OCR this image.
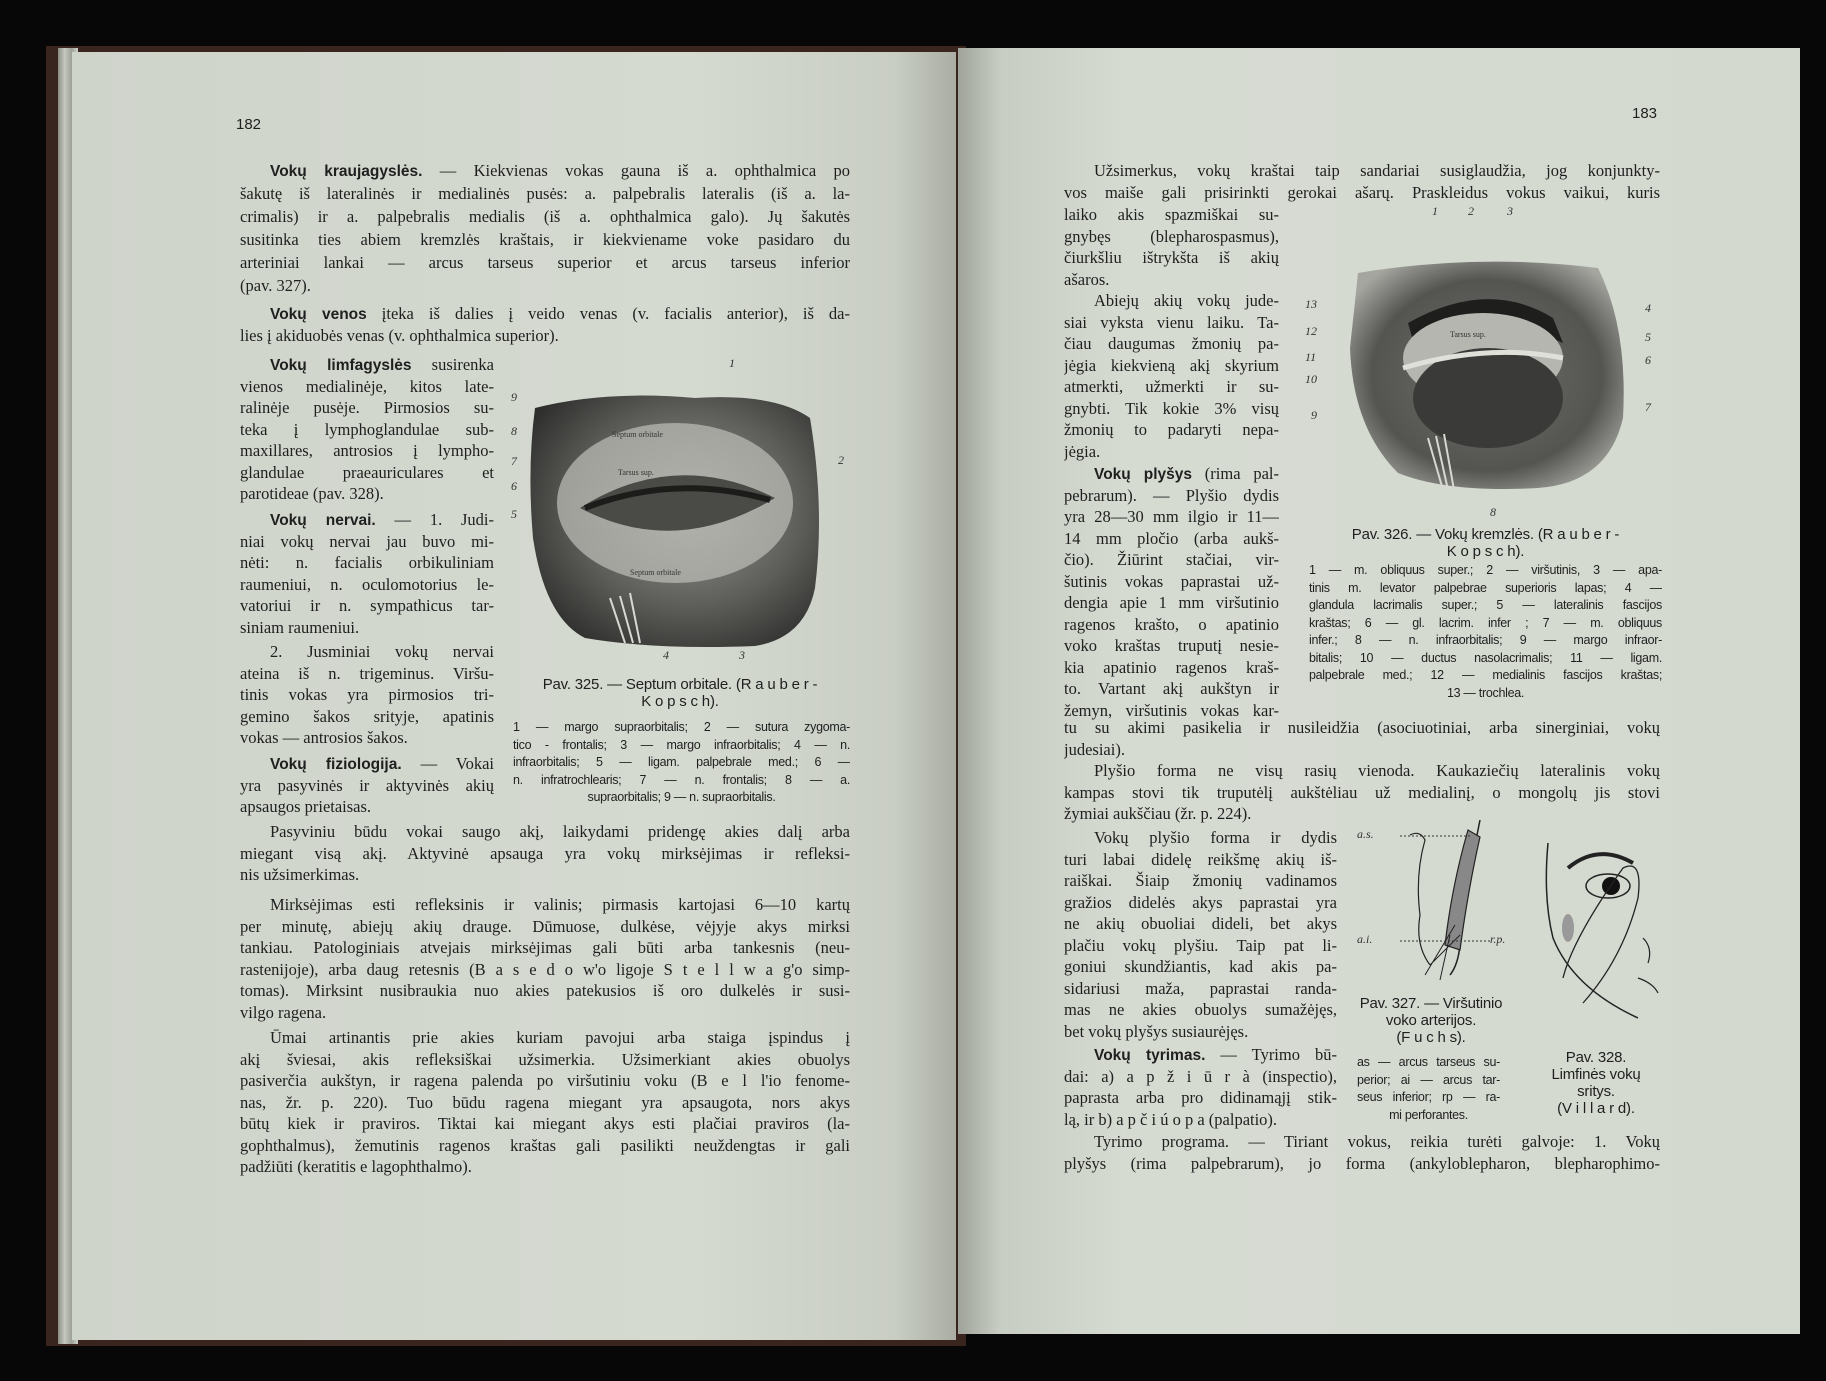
182
Vokų kraujagyslės. — Kiekvienas vokas gauna iš a. ophthalmica po
šakutę iš lateralinės ir medialinės pusės: a. palpebralis lateralis (iš a. la-
crimalis) ir a. palpebralis medialis (iš a. ophthalmica galo). Jų šakutės
susitinka ties abiem kremzlės kraštais, ir kiekviename voke pasidaro du
arteriniai lankai — arcus tarseus superior et arcus tarseus inferior
(pav. 327).
Vokų venos įteka iš dalies į veido venas (v. facialis anterior), iš da-
lies į akiduobės venas (v. ophthalmica superior).
Vokų limfagyslės susirenka
vienos medialinėje, kitos late-
ralinėje pusėje. Pirmosios su-
teka į lymphoglandulae sub-
maxillares, antrosios į lympho-
glandulae praeauriculares et
parotideae (pav. 328).
Vokų nervai. — 1. Judi-
niai vokų nervai jau buvo mi-
nėti: n. facialis orbikuliniam
raumeniui, n. oculomotorius le-
vatoriui ir n. sympathicus tar-
siniam raumeniui.
2. Jusminiai vokų nervai
ateina iš n. trigeminus. Viršu-
tinis vokas yra pirmosios tri-
gemino šakos srityje, apatinis
vokas — antrosios šakos.
Vokų fiziologija. — Vokai
yra pasyvinės ir aktyvinės akių
apsaugos prietaisas.
Pasyviniu būdu vokai saugo akį, laikydami pridengę akies dalį arba
miegant visą akį. Aktyvinė apsauga yra vokų mirksėjimas ir refleksi-
nis užsimerkimas.
Mirksėjimas esti refleksinis ir valinis; pirmasis kartojasi 6—10 kartų
per minutę, abiejų akių drauge. Dūmuose, dulkėse, vėjyje akys mirksi
tankiau. Patologiniais atvejais mirksėjimas gali būti arba tankesnis (neu-
rastenijoje), arba daug retesnis (B a s e d o w'o ligoje S t e l l w a g'o simp-
tomas). Mirksint nusibraukia nuo akies patekusios iš oro dulkelės ir susi-
vilgo ragena.
Ūmai artinantis prie akies kuriam pavojui arba staiga įspindus į
akį šviesai, akis refleksiškai užsimerkia. Užsimerkiant akies obuolys
pasiverčia aukštyn, ir ragena palenda po viršutiniu voku (B e l l'io fenome-
nas, žr. p. 220). Tuo būdu ragena miegant yra apsaugota, nors akys
būtų kiek ir praviros. Tiktai kai miegant akys esti plačiai praviros (la-
gophthalmus), žemutinis ragenos kraštas gali pasilikti neuždengtas ir gali
padžiūti (keratitis e lagophthalmo).
Septum orbitale
Tarsus sup.
Septum orbitale
1
2
3
4
5
6
7
8
9
Pav. 325. — Septum orbitale. (R a u b e r -
K o p s c h).
1 — margo supraorbitalis; 2 — sutura zygoma-
tico - frontalis; 3 — margo infraorbitalis; 4 — n.
infraorbitalis; 5 — ligam. palpebrale med.; 6 —
n. infratrochlearis; 7 — n. frontalis; 8 — a.
supraorbitalis; 9 — n. supraorbitalis.
183
Užsimerkus, vokų kraštai taip sandariai susiglaudžia, jog konjunkty-
vos maiše gali prisirinkti gerokai ašarų. Praskleidus vokus vaikui, kuris
laiko akis spazmiškai su-
gnybęs (blepharospasmus),
čiurkšliu ištrykšta iš akių
ašaros.
Abiejų akių vokų jude-
siai vyksta vienu laiku. Ta-
čiau daugumas žmonių pa-
jėgia kiekvieną akį skyrium
atmerkti, užmerkti ir su-
gnybti. Tik kokie 3% visų
žmonių to padaryti nepa-
jėgia.
Vokų plyšys (rima pal-
pebrarum). — Plyšio dydis
yra 28—30 mm ilgio ir 11—
14 mm pločio (arba aukš-
čio). Žiūrint stačiai, vir-
šutinis vokas paprastai už-
dengia apie 1 mm viršutinio
ragenos krašto, o apatinio
voko kraštas truputį nesie-
kia apatinio ragenos kraš-
to. Vartant akį aukštyn ir
žemyn, viršutinis vokas kar-
tu su akimi pasikelia ir nusileidžia (asociuotiniai, arba sinerginiai, vokų
judesiai).
Plyšio forma ne visų rasių vienoda. Kaukaziečių lateralinis vokų
kampas stovi tik truputėlį aukštėliau už medialinį, o mongolų jis stovi
žymiai aukščiau (žr. p. 224).
Vokų plyšio forma ir dydis
turi labai didelę reikšmę akių iš-
raiškai. Šiaip žmonių vadinamos
gražios didelės akys paprastai yra
ne akių obuoliai dideli, bet akys
plačiu vokų plyšiu. Taip pat li-
goniui skundžiantis, kad akis pa-
sidariusi maža, paprastai randa-
mas ne akies obuolys sumažėjęs,
bet vokų plyšys susiaurėjęs.
Vokų tyrimas. — Tyrimo bū-
dai: a) a p ž i ū r à (inspectio),
paprasta arba pro didinamąjį stik-
lą, ir b) a p č i ú o p a (palpatio).
Tyrimo programa. — Tiriant vokus, reikia turėti galvoje: 1. Vokų
plyšys (rima palpebrarum), jo forma (ankyloblepharon, blepharophimo-
Tarsus sup.
1	2	3
4
5
6
7
8
9
10
11
12
13
Pav. 326. — Vokų kremzlės. (R a u b e r -
K o p s c h).
1 — m. obliquus super.; 2 — viršutinis, 3 — apa-
tinis m. levator palpebrae superioris lapas; 4 —
glandula lacrimalis super.; 5 — lateralinis fascijos
kraštas; 6 — gl. lacrim. infer ; 7 — m. obliquus
infer.; 8 — n. infraorbitalis; 9 — margo infraor-
bitalis; 10 — ductus nasolacrimalis; 11 — ligam.
palpebrale med.; 12 — medialinis fascijos kraštas;
13 — trochlea.
a.s.
a.i.	r.p.
Pav. 327. — Viršutinio
voko arterijos.
(F u c h s).
as — arcus tarseus su-
perior; ai — arcus tar-
seus inferior; rp — ra-
mi perforantes.
Pav. 328.
Limfinės vokų
sritys.
(V i l l a r d).
